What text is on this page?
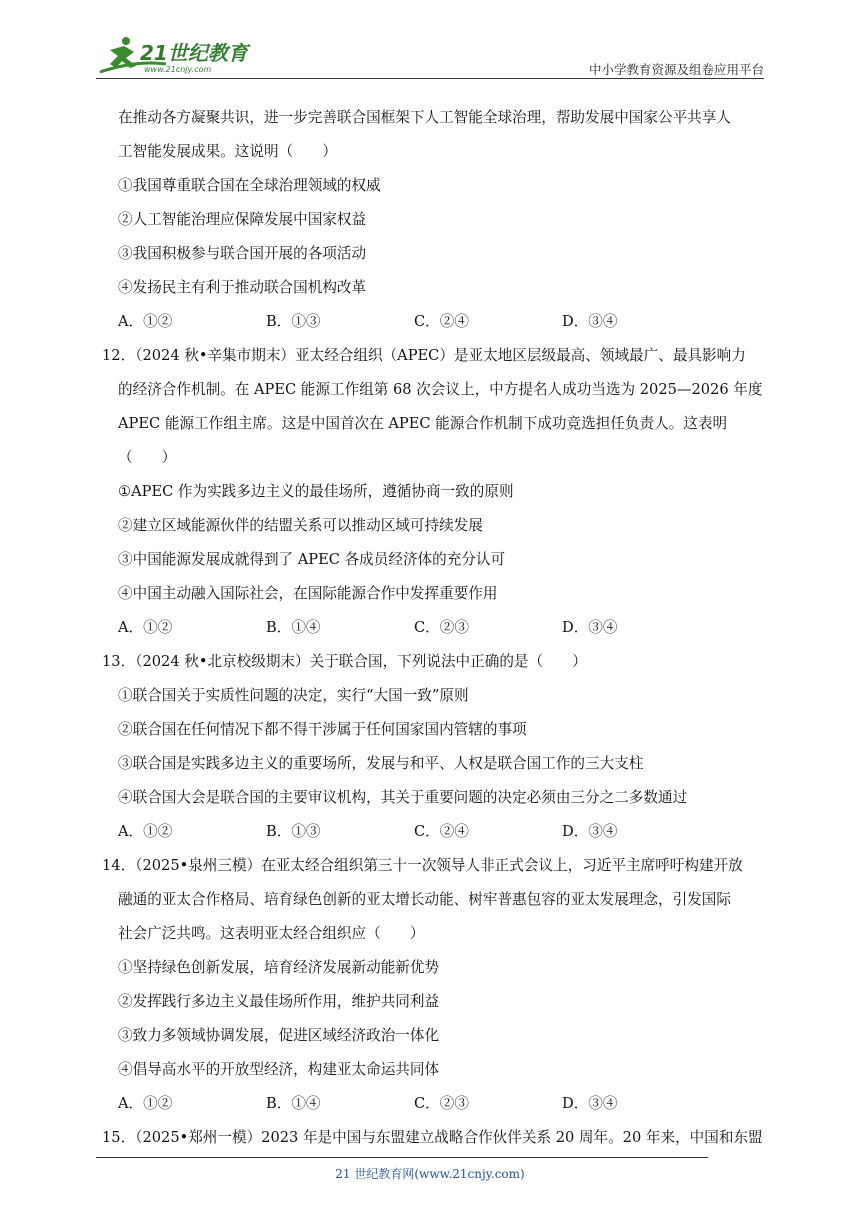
21世纪教育
www.21cnjy.com	中小学教育资源及组卷应用平台
在推动各方凝聚共识，进一步完善联合国框架下人工智能全球治理，帮助发展中国家公平共享人
工智能发展成果。这说明（　　）
①我国尊重联合国在全球治理领域的权威
②人工智能治理应保障发展中国家权益
③我国积极参与联合国开展的各项活动
④发扬民主有利于推动联合国机构改革
A．①②	B．①③	C．②④	D．③④
12．（2024 秋•辛集市期末）亚太经合组织（APEC）是亚太地区层级最高、领域最广、最具影响力
的经济合作机制。在 APEC 能源工作组第 68 次会议上，中方提名人成功当选为 2025—2026 年度
APEC 能源工作组主席。这是中国首次在 APEC 能源合作机制下成功竞选担任负责人。这表明
（　　）
①APEC 作为实践多边主义的最佳场所，遵循协商一致的原则
②建立区域能源伙伴的结盟关系可以推动区域可持续发展
③中国能源发展成就得到了 APEC 各成员经济体的充分认可
④中国主动融入国际社会，在国际能源合作中发挥重要作用
A．①②	B．①④	C．②③	D．③④
13．（2024 秋•北京校级期末）关于联合国，下列说法中正确的是（　　）
①联合国关于实质性问题的决定，实行“大国一致”原则
②联合国在任何情况下都不得干涉属于任何国家国内管辖的事项
③联合国是实践多边主义的重要场所，发展与和平、人权是联合国工作的三大支柱
④联合国大会是联合国的主要审议机构，其关于重要问题的决定必须由三分之二多数通过
A．①②	B．①③	C．②④	D．③④
14．（2025•泉州三模）在亚太经合组织第三十一次领导人非正式会议上，习近平主席呼吁构建开放
融通的亚太合作格局、培育绿色创新的亚太增长动能、树牢普惠包容的亚太发展理念，引发国际
社会广泛共鸣。这表明亚太经合组织应（　　）
①坚持绿色创新发展，培育经济发展新动能新优势
②发挥践行多边主义最佳场所作用，维护共同利益
③致力多领域协调发展，促进区域经济政治一体化
④倡导高水平的开放型经济，构建亚太命运共同体
A．①②	B．①④	C．②③	D．③④
15．（2025•郑州一模）2023 年是中国与东盟建立战略合作伙伴关系 20 周年。20 年来，中国和东盟
21 世纪教育网(www.21cnjy.com)
